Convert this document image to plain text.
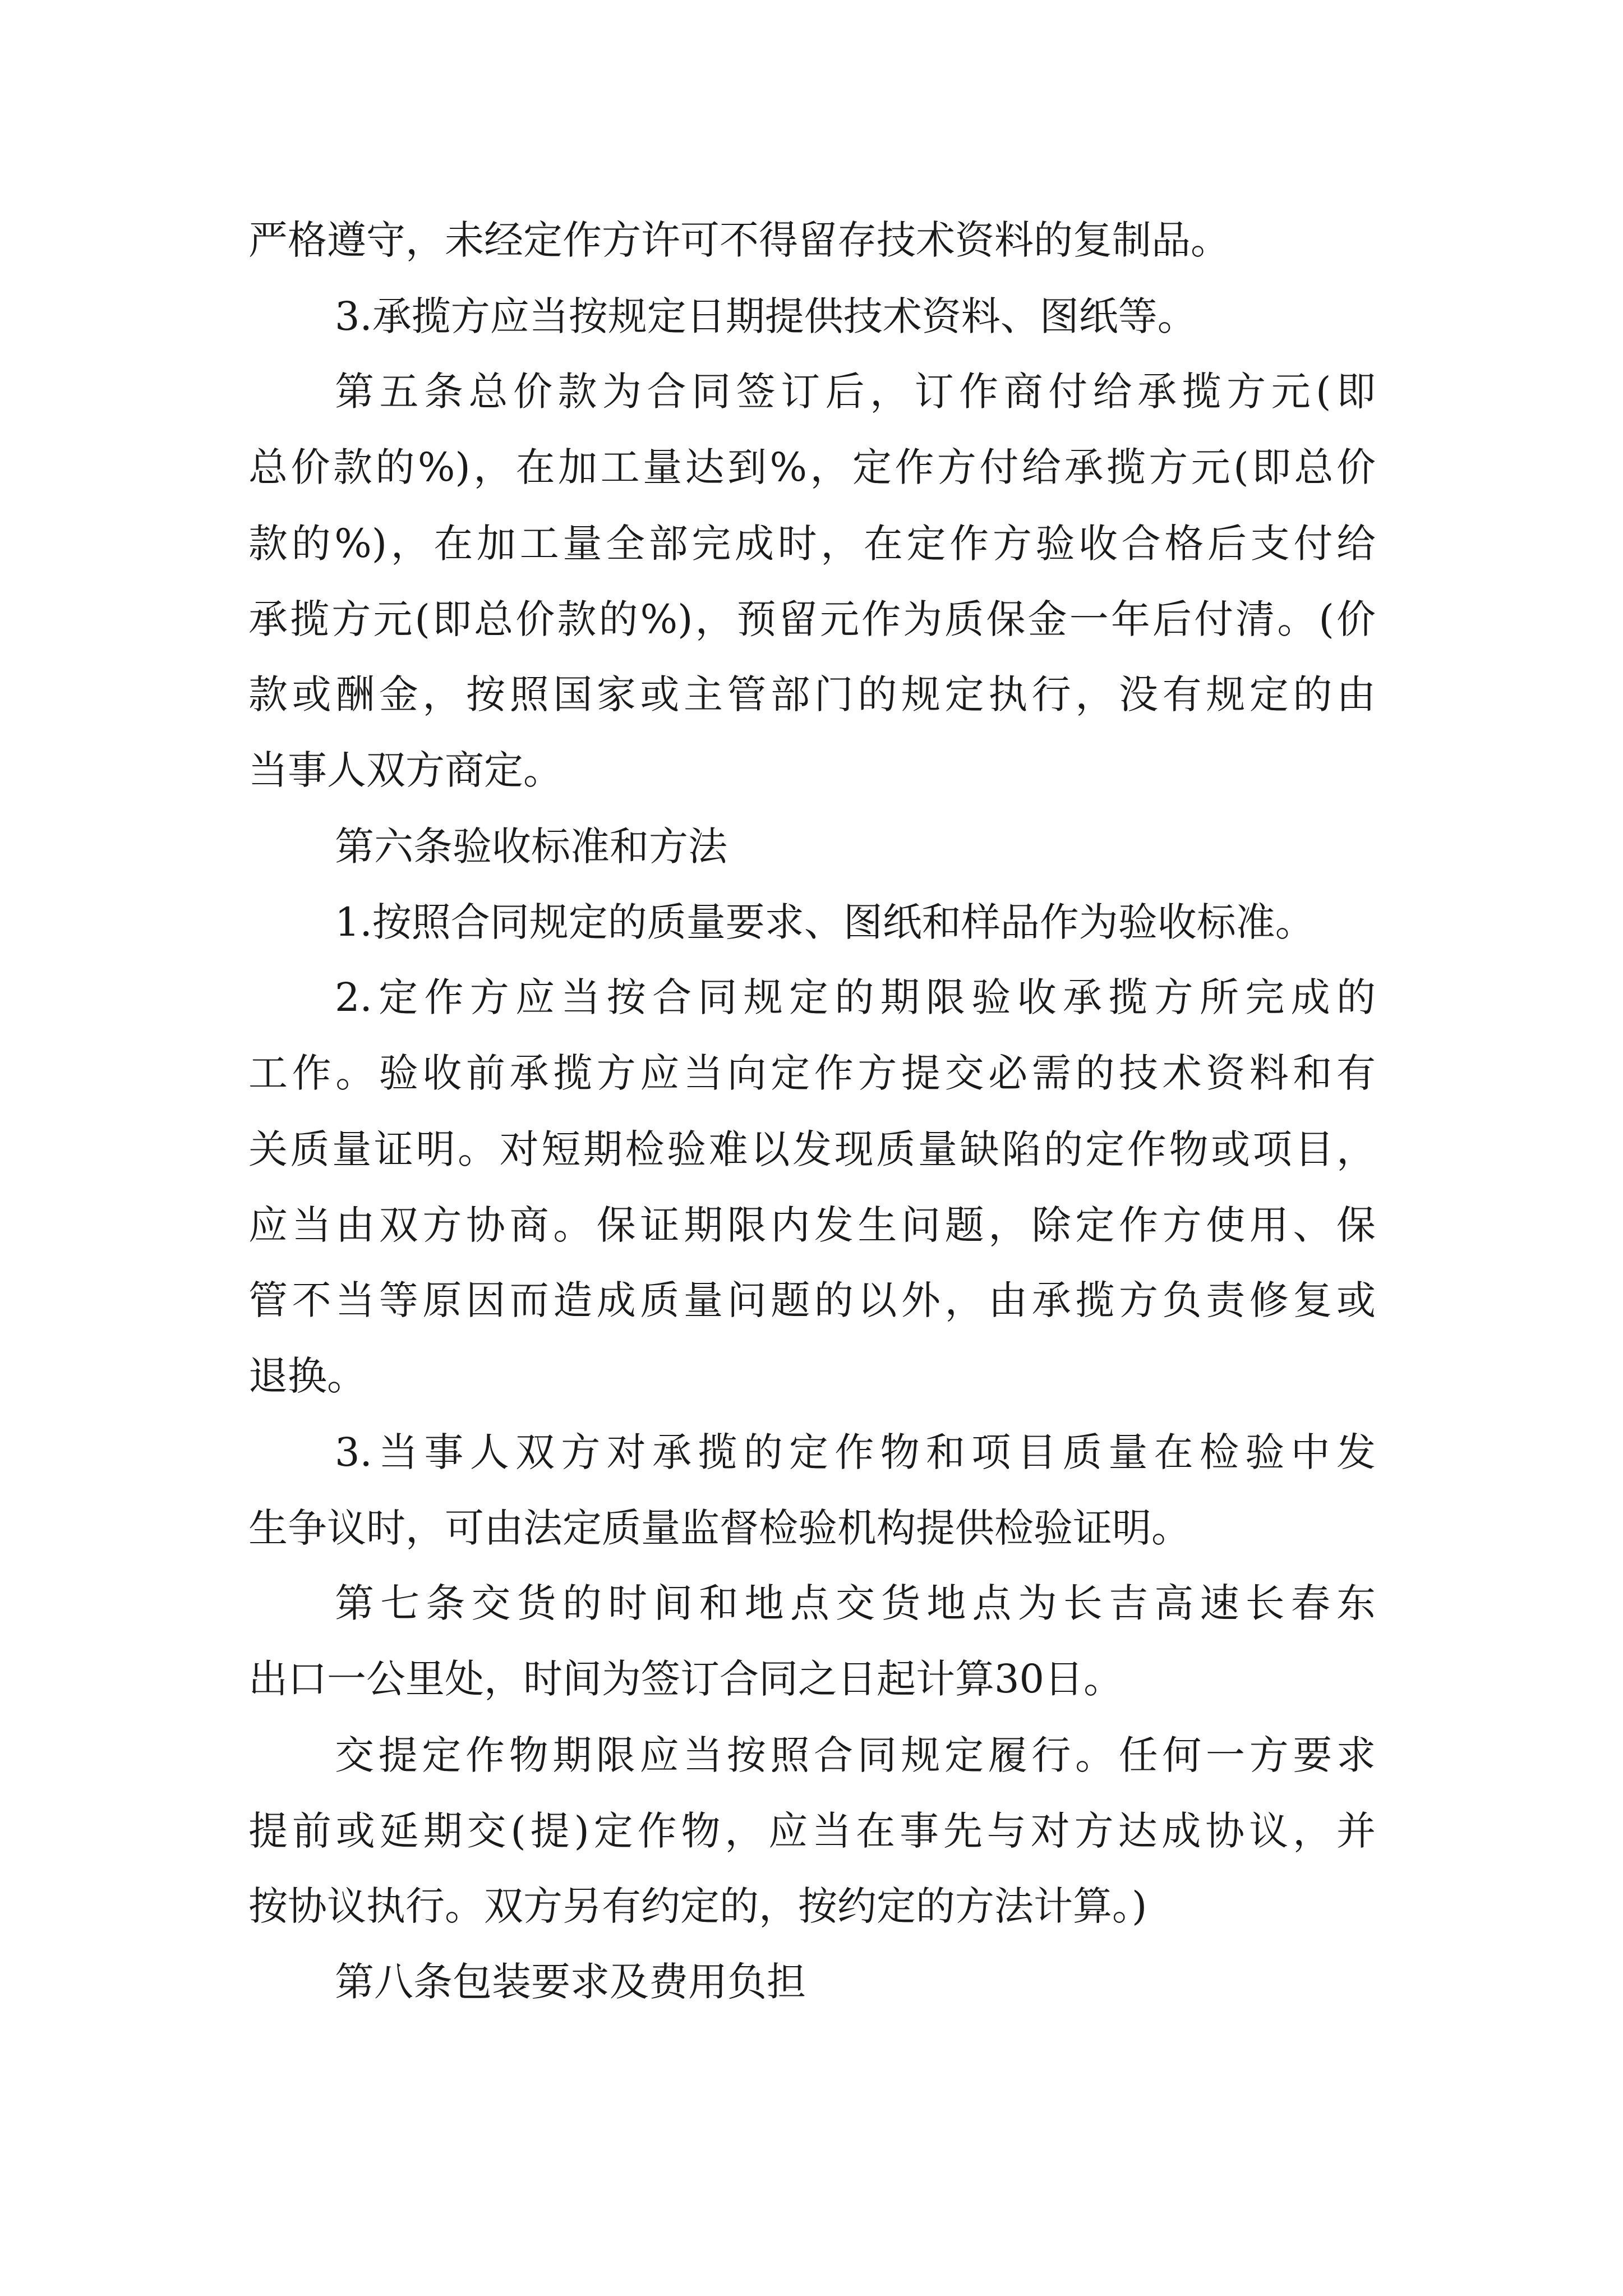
严格遵守，未经定作方许可不得留存技术资料的复制品。
3.承揽方应当按规定日期提供技术资料、图纸等。
第五条总价款为合同签订后，订作商付给承揽方元(即
总价款的%)，在加工量达到%，定作方付给承揽方元(即总价
款的%)，在加工量全部完成时，在定作方验收合格后支付给
承揽方元(即总价款的%)，预留元作为质保金一年后付清。(价
款或酬金，按照国家或主管部门的规定执行，没有规定的由
当事人双方商定。
第六条验收标准和方法
1.按照合同规定的质量要求、图纸和样品作为验收标准。
2.定作方应当按合同规定的期限验收承揽方所完成的
工作。验收前承揽方应当向定作方提交必需的技术资料和有
关质量证明。对短期检验难以发现质量缺陷的定作物或项目，
应当由双方协商。保证期限内发生问题，除定作方使用、保
管不当等原因而造成质量问题的以外，由承揽方负责修复或
退换。
3.当事人双方对承揽的定作物和项目质量在检验中发
生争议时，可由法定质量监督检验机构提供检验证明。
第七条交货的时间和地点交货地点为长吉高速长春东
出口一公里处，时间为签订合同之日起计算30日。
交提定作物期限应当按照合同规定履行。任何一方要求
提前或延期交(提)定作物，应当在事先与对方达成协议，并
按协议执行。双方另有约定的，按约定的方法计算。)
第八条包装要求及费用负担
